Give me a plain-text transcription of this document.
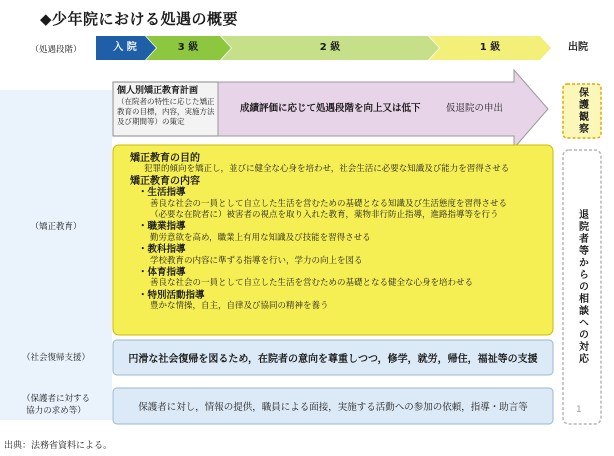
◆少年院における処遇の概要
（処遇段階）
（矯正教育）
（社会復帰支援）
（保護者に対する
協力の求め等）
入 院	3 級	2 級	1 級	出院
個人別矯正教育計画
（在院者の特性に応じた矯正教育の目標，内容，実施方法及び期間等）の策定
成績評価に応じて処遇段階を向上又は低下	仮退院の申出
矯正教育の目的
犯罪的傾向を矯正し，並びに健全な心身を培わせ，社会生活に必要な知識及び能力を習得させる
矯正教育の内容
・生活指導
善良な社会の一員として自立した生活を営むための基礎となる知識及び生活態度を習得させる
（必要な在院者に）被害者の視点を取り入れた教育，薬物非行防止指導，進路指導等を行う
・職業指導
勤労意欲を高め，職業上有用な知識及び技能を習得させる
・教科指導
学校教育の内容に準ずる指導を行い，学力の向上を図る
・体育指導
善良な社会の一員として自立した生活を営むための基礎となる健全な心身を培わせる
・特別活動指導
豊かな情操，自主，自律及び協同の精神を養う
円滑な社会復帰を図るため，在院者の意向を尊重しつつ，修学，就労，帰住，福祉等の支援
保護者に対し，情報の提供，職員による面接，実施する活動への参加の依頼，指導・助言等
保護観察
退院者等からの相談への対応
1
出典：法務省資料による。
